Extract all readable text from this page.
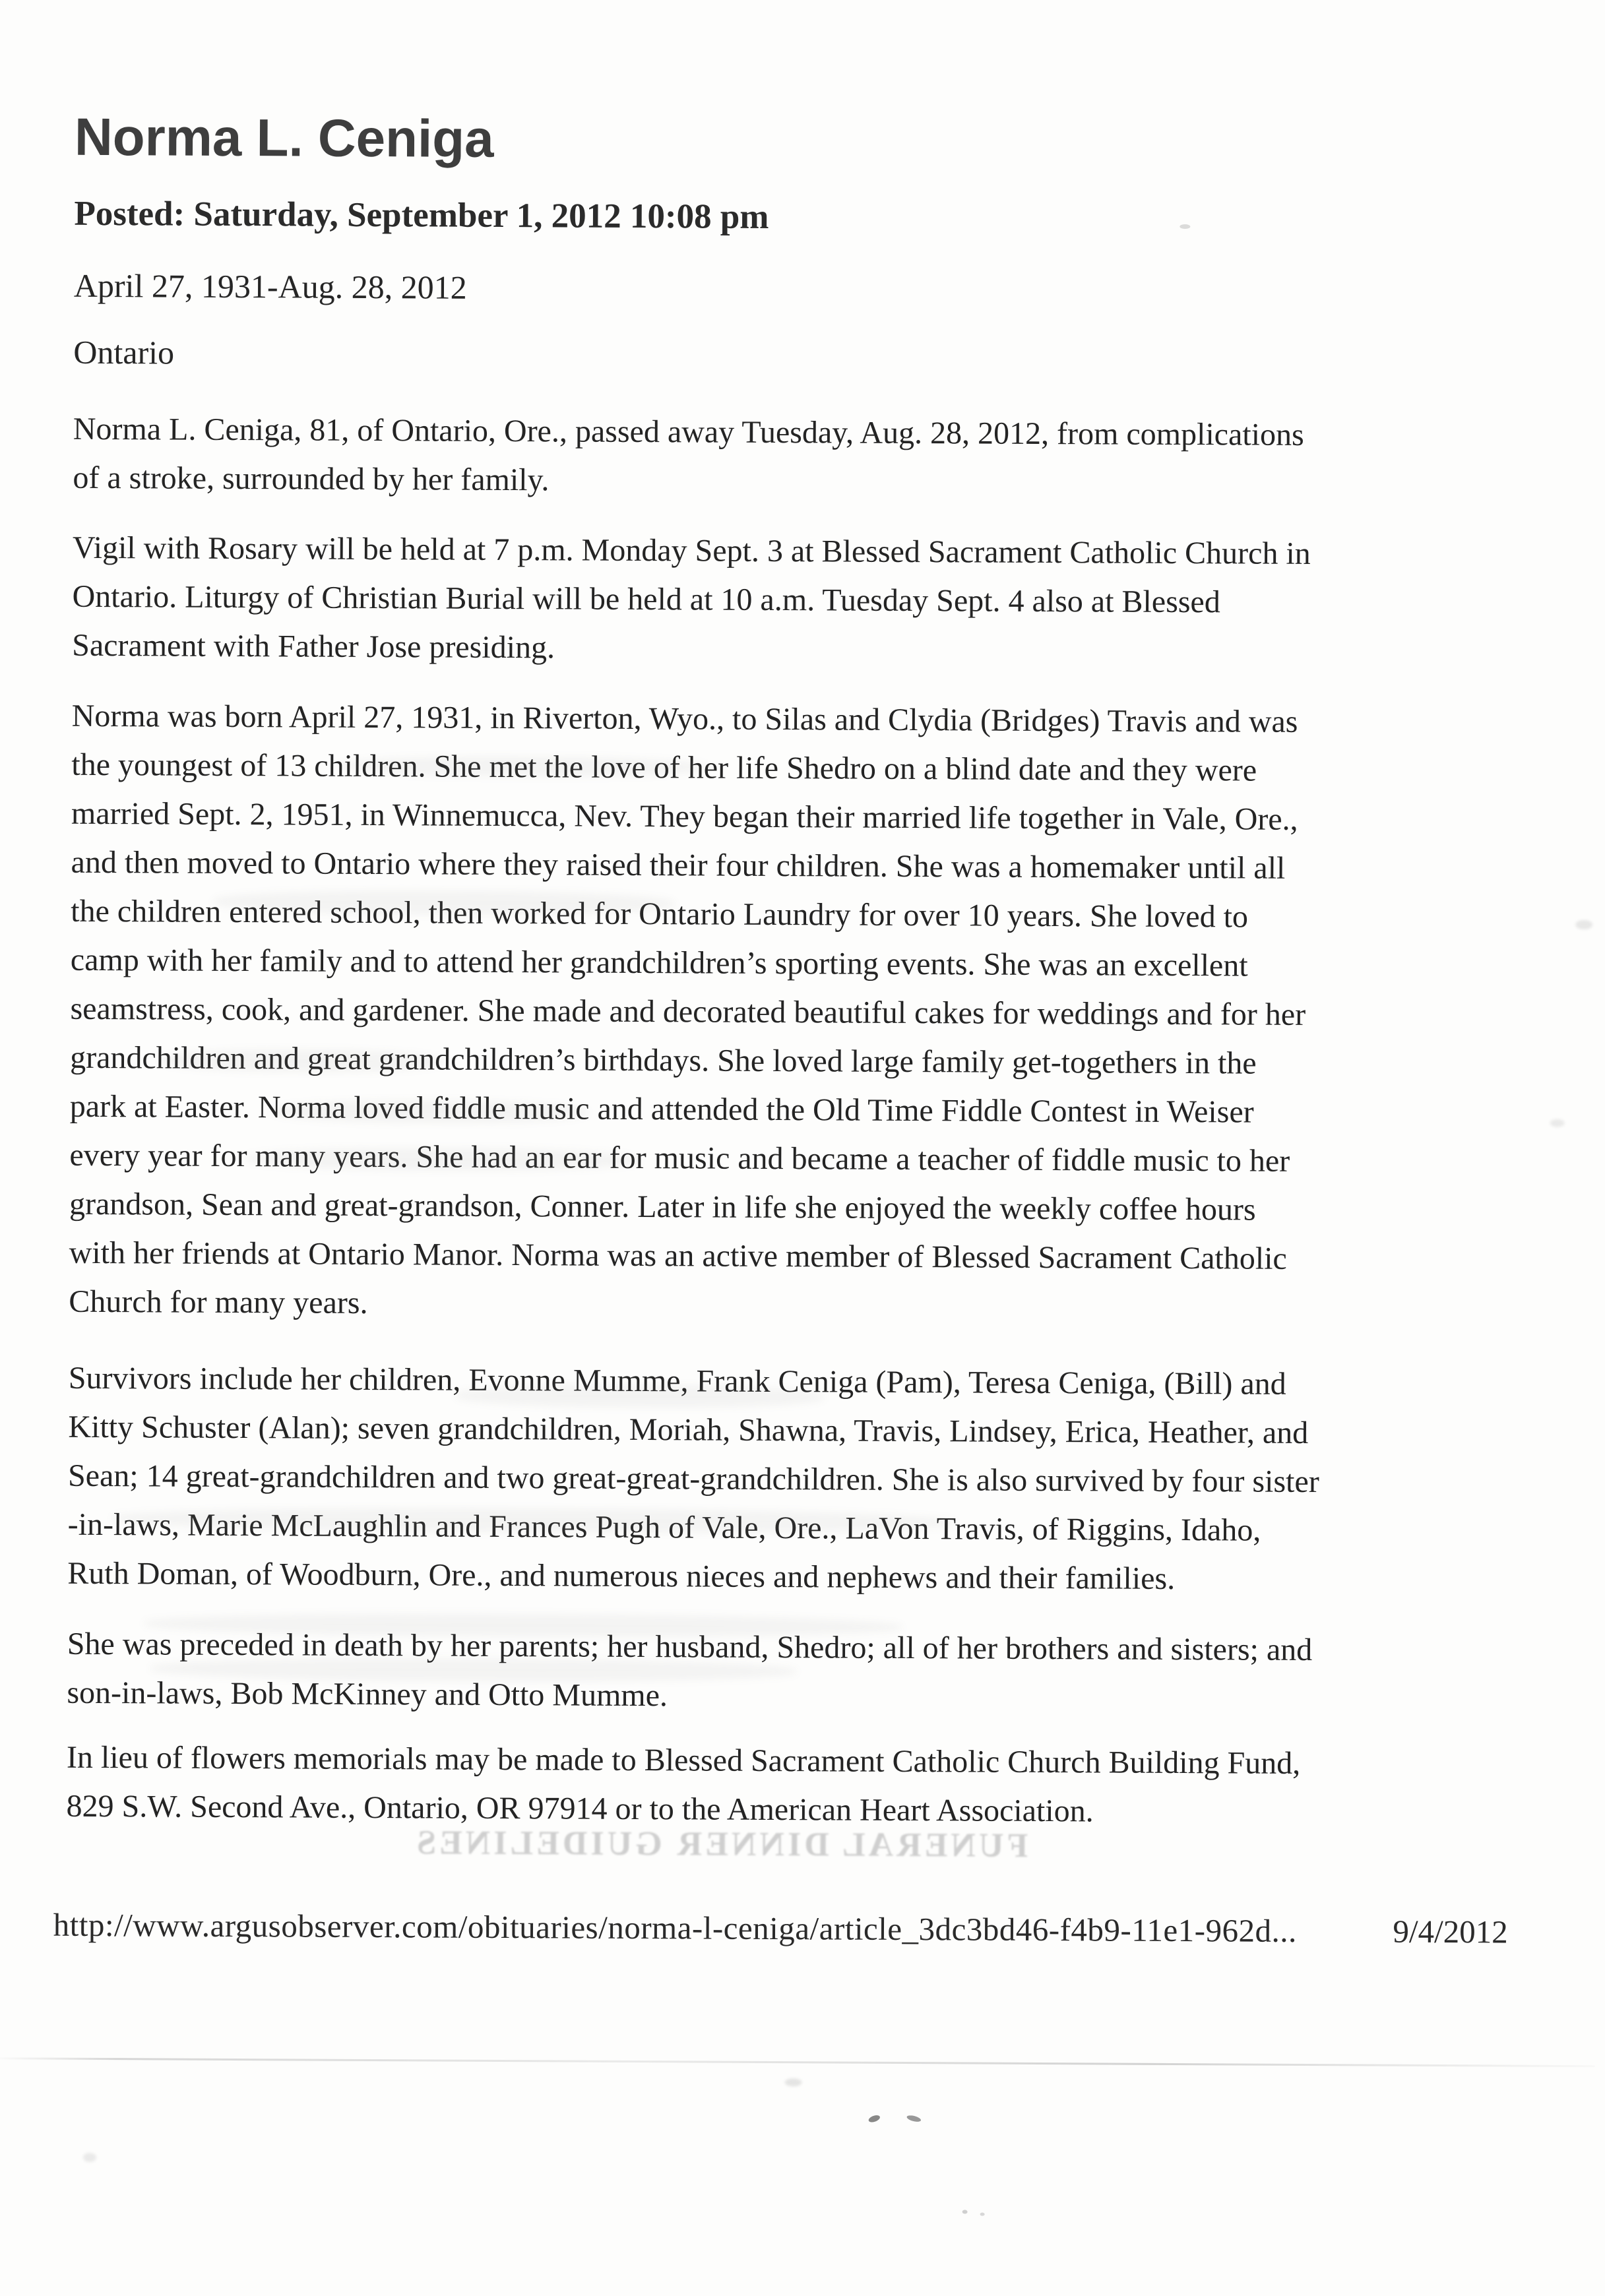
Norma L. Ceniga

Posted: Saturday, September 1, 2012 10:08 pm

April 27, 1931-Aug. 28, 2012

Ontario

Norma L. Ceniga, 81, of Ontario, Ore., passed away Tuesday, Aug. 28, 2012, from complications
of a stroke, surrounded by her family.

Vigil with Rosary will be held at 7 p.m. Monday Sept. 3 at Blessed Sacrament Catholic Church in
Ontario. Liturgy of Christian Burial will be held at 10 a.m. Tuesday Sept. 4 also at Blessed
Sacrament with Father Jose presiding.

Norma was born April 27, 1931, in Riverton, Wyo., to Silas and Clydia (Bridges) Travis and was
the youngest of 13 children. She met the love of her life Shedro on a blind date and they were
married Sept. 2, 1951, in Winnemucca, Nev. They began their married life together in Vale, Ore.,
and then moved to Ontario where they raised their four children. She was a homemaker until all
the children entered school, then worked for Ontario Laundry for over 10 years. She loved to
camp with her family and to attend her grandchildren’s sporting events. She was an excellent
seamstress, cook, and gardener. She made and decorated beautiful cakes for weddings and for her
grandchildren and great grandchildren’s birthdays. She loved large family get-togethers in the
park at Easter. Norma loved fiddle music and attended the Old Time Fiddle Contest in Weiser
every year for many years. She had an ear for music and became a teacher of fiddle music to her
grandson, Sean and great-grandson, Conner. Later in life she enjoyed the weekly coffee hours
with her friends at Ontario Manor. Norma was an active member of Blessed Sacrament Catholic
Church for many years.

Survivors include her children, Evonne Mumme, Frank Ceniga (Pam), Teresa Ceniga, (Bill) and
Kitty Schuster (Alan); seven grandchildren, Moriah, Shawna, Travis, Lindsey, Erica, Heather, and
Sean; 14 great-grandchildren and two great-great-grandchildren. She is also survived by four sister
-in-laws, Marie McLaughlin and Frances Pugh of Vale, Ore., LaVon Travis, of Riggins, Idaho,
Ruth Doman, of Woodburn, Ore., and numerous nieces and nephews and their families.

She was preceded in death by her parents; her husband, Shedro; all of her brothers and sisters; and
son-in-laws, Bob McKinney and Otto Mumme.

In lieu of flowers memorials may be made to Blessed Sacrament Catholic Church Building Fund,
829 S.W. Second Ave., Ontario, OR 97914 or to the American Heart Association.

FUNERAL DINNER GUIDELINES
http://www.argusobserver.com/obituaries/norma-l-ceniga/article_3dc3bd46-f4b9-11e1-962d...	9/4/2012
